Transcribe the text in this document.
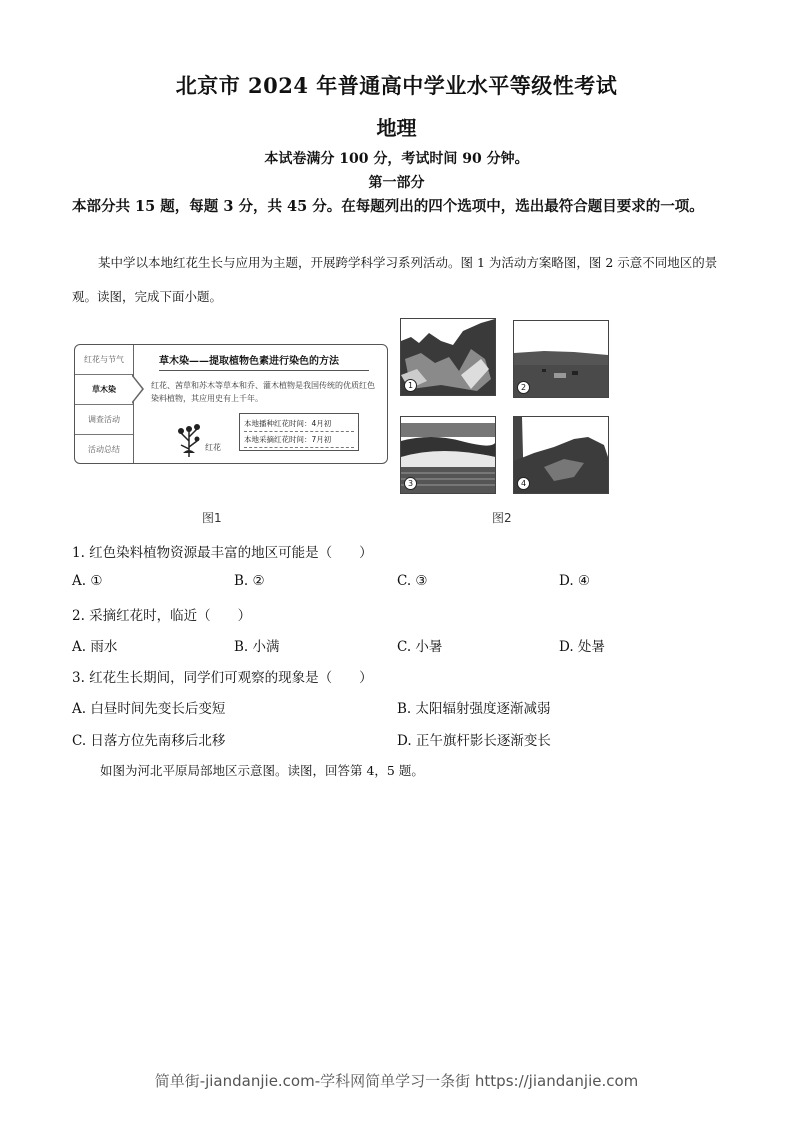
北京市 2024 年普通高中学业水平等级性考试
地理
本试卷满分 100 分，考试时间 90 分钟。
第一部分
本部分共 15 题，每题 3 分，共 45 分。在每题列出的四个选项中，选出最符合题目要求的一项。
某中学以本地红花生长与应用为主题，开展跨学科学习系列活动。图 1 为活动方案略图，图 2 示意不同地区的景观。读图，完成下面小题。
红花与节气
草木染
调查活动
活动总结
草木染——提取植物色素进行染色的方法
红花、茜草和苏木等草本和乔、灌木植物是我国传统的优质红色染料植物，其应用史有上千年。
红花
本地播种红花时间：4月初
本地采摘红花时间：7月初
1	2
3	4
图1	图2
1. 红色染料植物资源最丰富的地区可能是（　　）
A. ①	B. ②	C. ③	D. ④
2. 采摘红花时，临近（　　）
A. 雨水	B. 小满	C. 小暑	D. 处暑
3. 红花生长期间，同学们可观察的现象是（　　）
A. 白昼时间先变长后变短	B. 太阳辐射强度逐渐减弱
C. 日落方位先南移后北移	D. 正午旗杆影长逐渐变长
如图为河北平原局部地区示意图。读图，回答第 4，5 题。
简单街-jiandanjie.com-学科网简单学习一条街 https://jiandanjie.com
